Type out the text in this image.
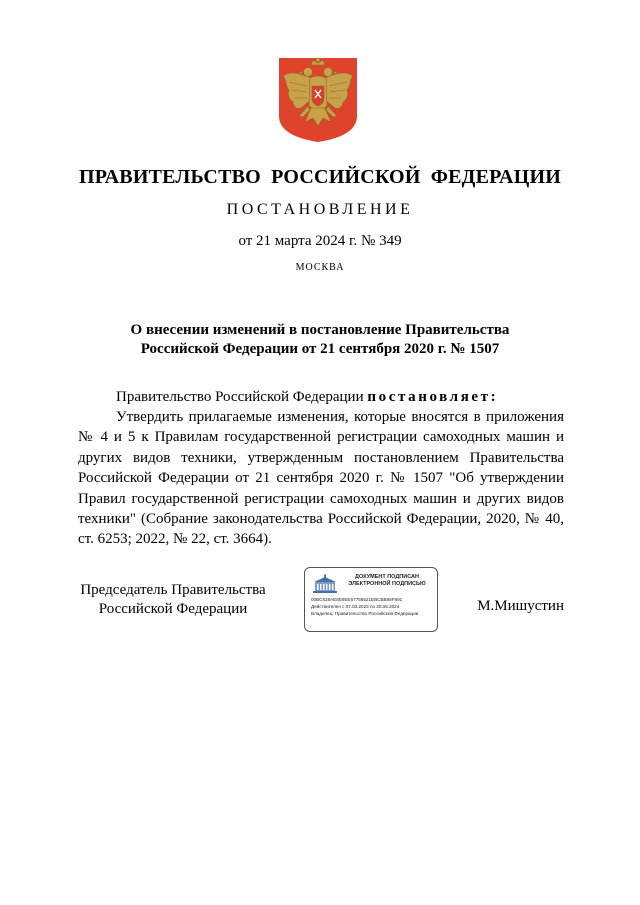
ПРАВИТЕЛЬСТВО РОССИЙСКОЙ ФЕДЕРАЦИИ
ПОСТАНОВЛЕНИЕ
от 21 марта 2024 г. № 349
МОСКВА
О внесении изменений в постановление Правительства
Российской Федерации от 21 сентября 2020 г. № 1507
Правительство Российской Федерации постановляет:
Утвердить прилагаемые изменения, которые вносятся в приложения № 4 и 5 к Правилам государственной регистрации самоходных машин и других видов техники, утвержденным постановлением Правительства Российской Федерации от 21 сентября 2020 г. № 1507 "Об утверждении Правил государственной регистрации самоходных машин и других видов техники" (Собрание законодательства Российской Федерации, 2020, № 40, ст. 6253; 2022, № 22, ст. 3664).
Председатель Правительства
Российской Федерации
ДОКУМЕНТ ПОДПИСАН
ЭЛЕКТРОННОЙ ПОДПИСЬЮ
00BC638AE8E9EE67756521EBCBB68F891
Действителен с 07.03.2023 по 30.05.2024
Владелец: Правительство Российской Федерации	М.Мишустин
